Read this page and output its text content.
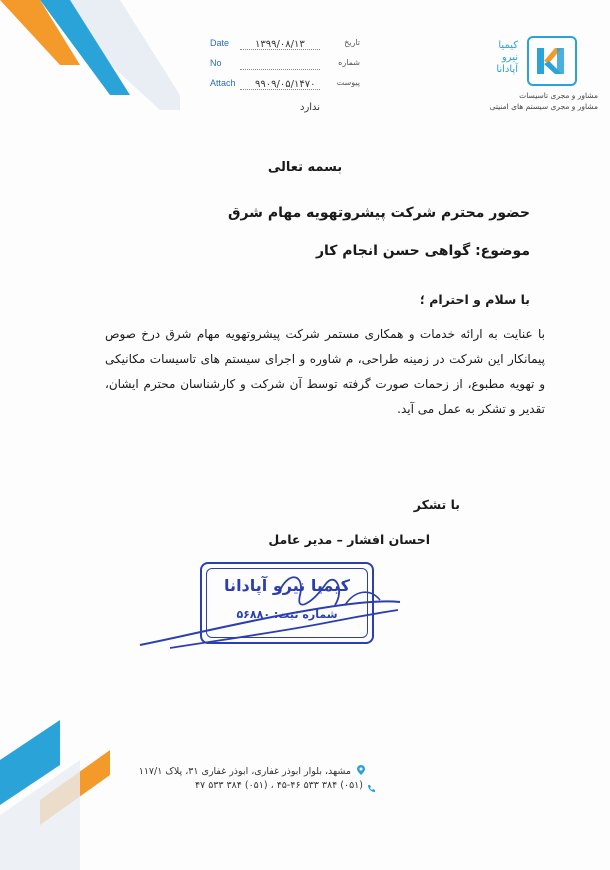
Date	۱۳۹۹/۰۸/۱۳	تاریخ
No	شماره
Attach ۹۹۰۹/۰۵/۱۴۷۰	پیوست
ندارد
کیمیا
نیرو
آپادانا
مشاور و مجری تاسیسات
مشاور و مجری سیستم های امنیتی
بسمه تعالی
حضور محترم شرکت پیشروتهویه مهام شرق
موضوع: گواهی حسن انجام کار
با سلام و احترام ؛
با عنایت به ارائه خدمات و همکاری مستمر شرکت پیشروتهویه مهام شرق درخ صوص پیمانکار این شرکت در زمینه طراحی، م شاوره و اجرای سیستم های تاسیسات مکانیکی و تهویه مطبوع، از زحمات صورت گرفته توسط آن شرکت و کارشناسان محترم ایشان، تقدیر و تشکر به عمل می آید.
با تشکر
احسان افشار – مدیر عامل
کیمیا نیرو آپادانا
شماره ثبت: ۵۶۸۸۰
مشهد، بلوار ابوذر غفاری، ابوذر غفاری ۳۱، پلاک ۱۱۷/۱
(۰۵۱) ۳۸۴ ۵۳۳ ۴۵-۴۶ ، (۰۵۱) ۳۸۴ ۵۳۳ ۴۷
